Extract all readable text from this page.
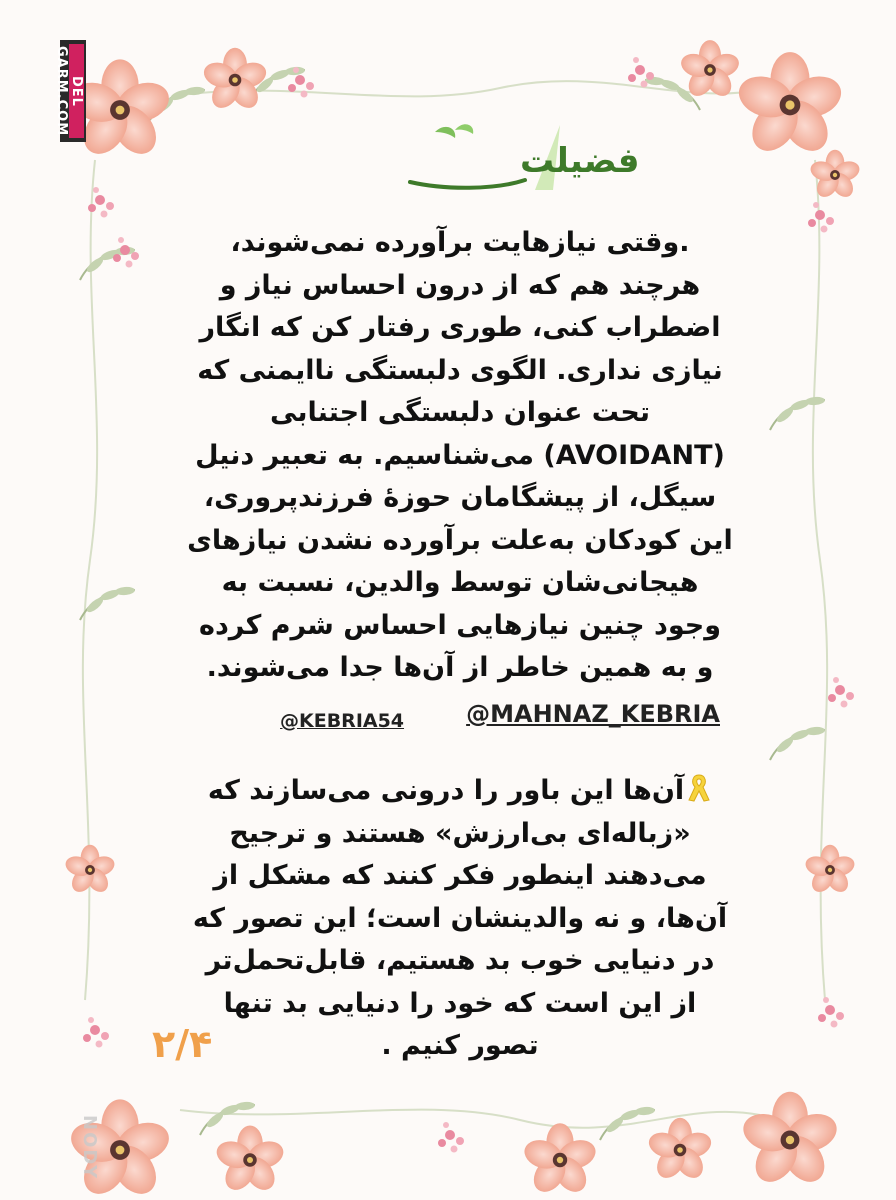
DEL
GARM.COM
NODY
فضیلت
.وقتی نیازهایت برآورده نمی‌شوند،
هرچند هم که از درون احساس نیاز و
اضطراب کنی، طوری رفتار کن که انگار
نیازی نداری. الگوی دلبستگی ناایمنی که
تحت عنوان دلبستگی اجتنابی
(AVOIDANT) می‌شناسیم. به تعبیر دنیل
سیگل، از پیشگامان حوزهٔ فرزندپروری،
این کودکان به‌علت برآورده نشدن نیازهای
هیجانی‌شان توسط والدین، نسبت به
وجود چنین نیازهایی احساس شرم کرده
و به همین خاطر از آن‌ها جدا می‌شوند.
@MAHNAZ_KEBRIA
@KEBRIA54
آن‌ها این باور را درونی می‌سازند که
«زباله‌ای بی‌ارزش» هستند و ترجیح
می‌دهند اینطور فکر کنند که مشکل از
آن‌ها، و نه والدینشان است؛ این تصور که
در دنیایی خوب بد هستیم، قابل‌تحمل‌تر
از این است که خود را دنیایی بد تنها
تصور کنیم .
۲/۴
